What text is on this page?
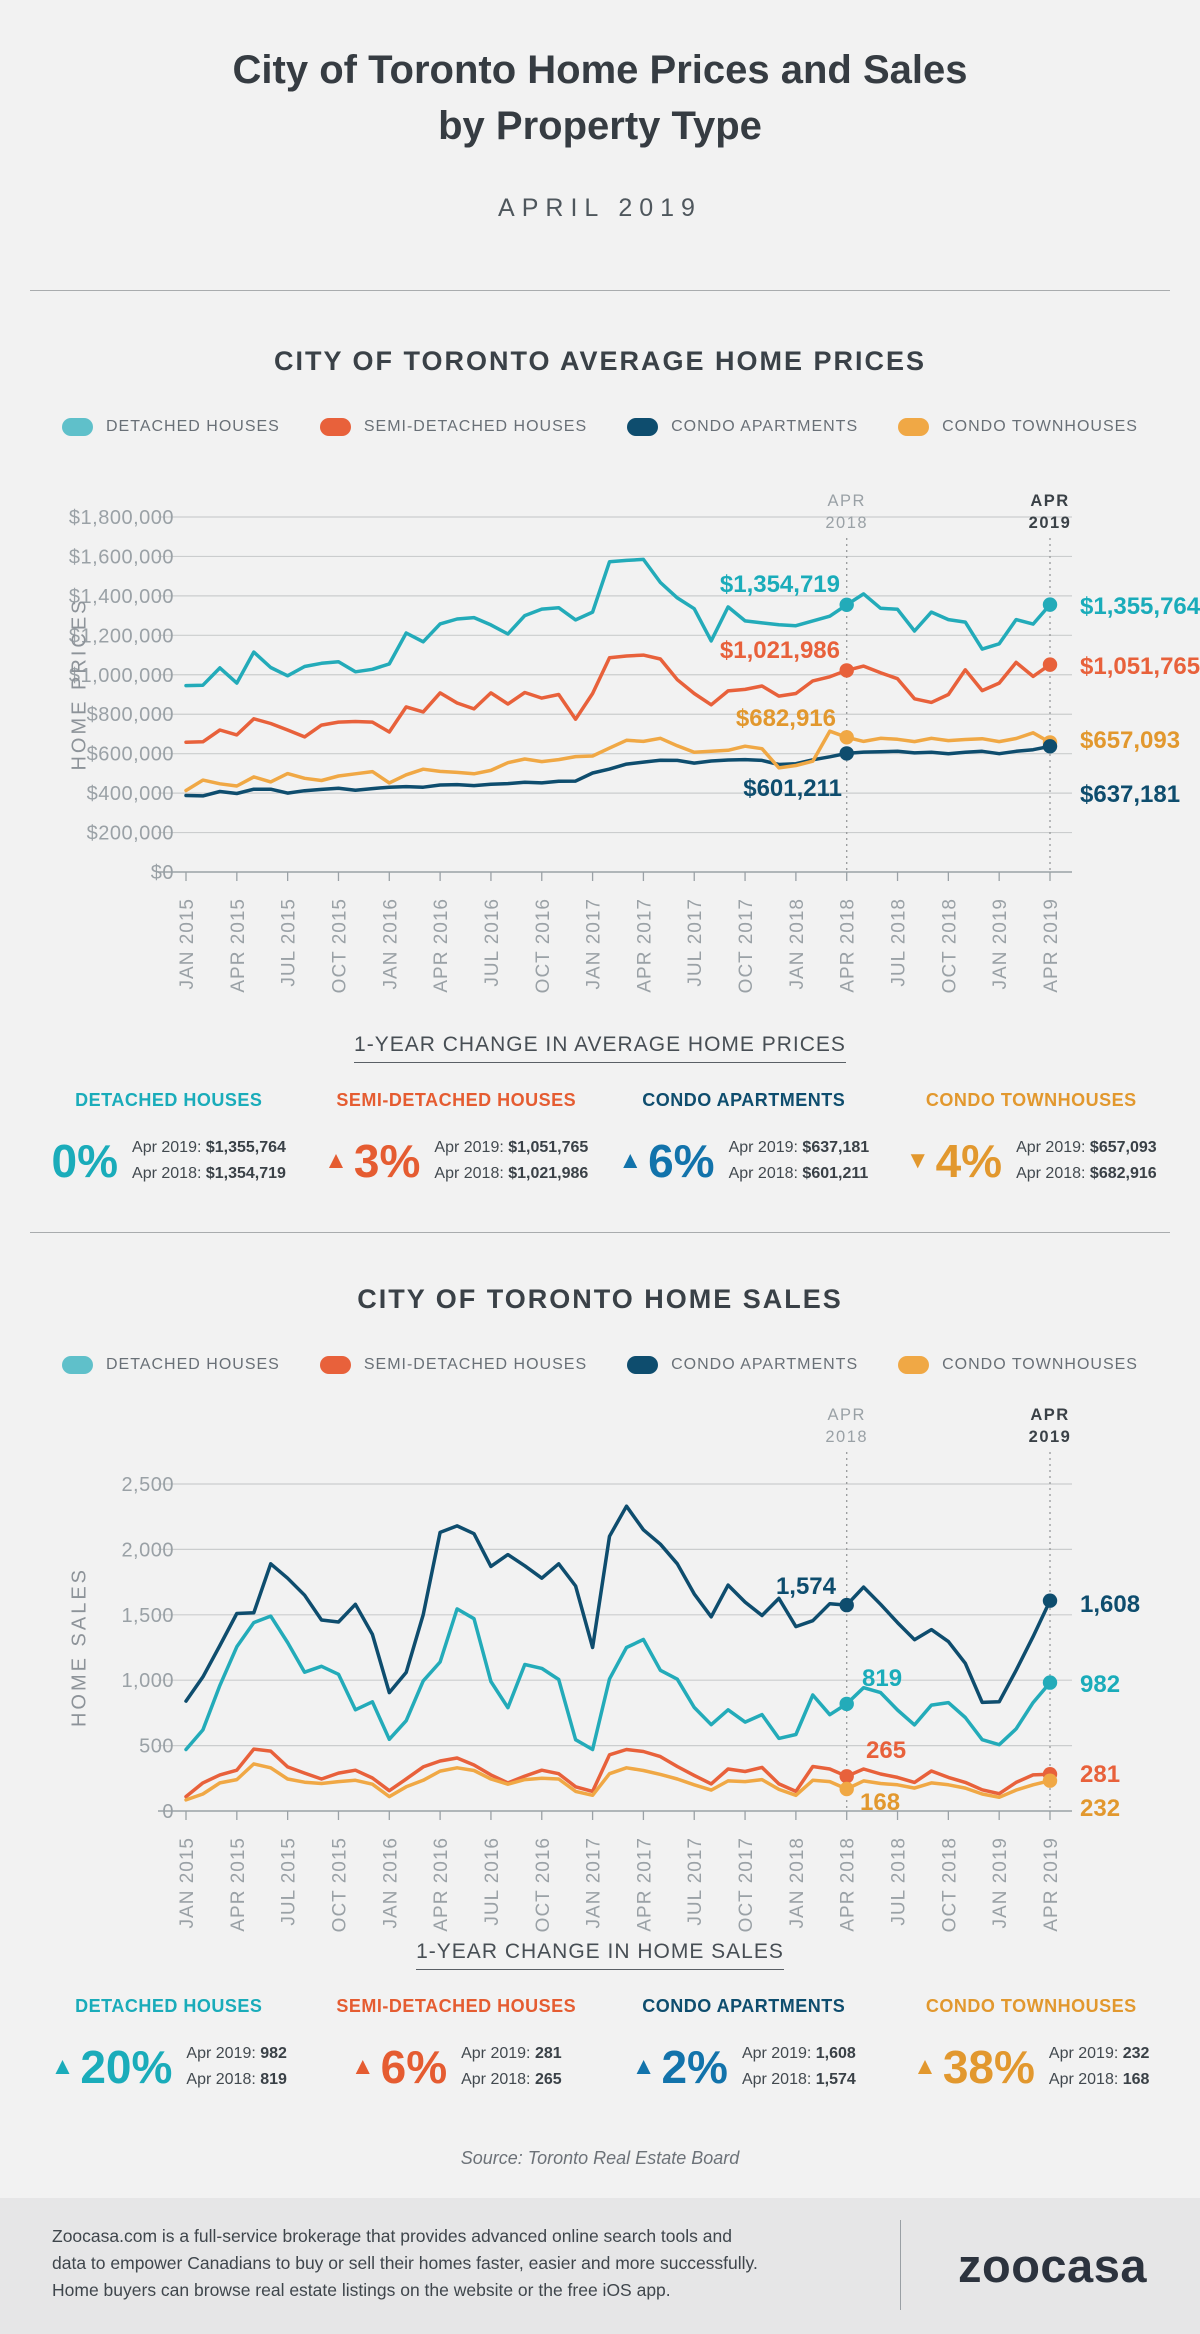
City of Toronto Home Prices and Sales
by Property Type
APRIL 2019
CITY OF TORONTO AVERAGE HOME PRICES
DETACHED HOUSES	SEMI-DETACHED HOUSES	CONDO APARTMENTS	CONDO TOWNHOUSES
$1,800,000
$1,600,000
$1,400,000
$1,200,000
$1,000,000
$800,000
$600,000
$400,000
$200,000
$0
JAN 2015 APR 2015 JUL 2015 OCT 2015 JAN 2016 APR 2016 JUL 2016 OCT 2016 JAN 2017 APR 2017 JUL 2017 OCT 2017 JAN 2018 APR 2018 JUL 2018 OCT 2018 JAN 2019 APR 2019
APR
2018
APR
2019
$1,354,719
$1,021,986
$682,916
$601,211
$1,355,764
$1,051,765
$657,093
$637,181
HOME PRICES
1-YEAR CHANGE IN AVERAGE HOME PRICES
DETACHED HOUSES
0% Apr 2019: $1,355,764
Apr 2018: $1,354,719
SEMI-DETACHED HOUSES
▲ 3% Apr 2019: $1,051,765
Apr 2018: $1,021,986
CONDO APARTMENTS
▲ 6% Apr 2019: $637,181
Apr 2018: $601,211
CONDO TOWNHOUSES
▼ 4% Apr 2019: $657,093
Apr 2018: $682,916
CITY OF TORONTO HOME SALES
DETACHED HOUSES	SEMI-DETACHED HOUSES	CONDO APARTMENTS	CONDO TOWNHOUSES
2,500
2,000
1,500
1,000
500
0
JAN 2015 APR 2015 JUL 2015 OCT 2015 JAN 2016 APR 2016 JUL 2016 OCT 2016 JAN 2017 APR 2017 JUL 2017 OCT 2017 JAN 2018 APR 2018 JUL 2018 OCT 2018 JAN 2019 APR 2019
APR
2018
APR
2019
1,574
819
265
168
1,608
982
281
232
HOME SALES
1-YEAR CHANGE IN HOME SALES
DETACHED HOUSES
▲ 20% Apr 2019: 982
Apr 2018: 819
SEMI-DETACHED HOUSES
▲ 6% Apr 2019: 281
Apr 2018: 265
CONDO APARTMENTS
▲ 2% Apr 2019: 1,608
Apr 2018: 1,574
CONDO TOWNHOUSES
▲ 38% Apr 2019: 232
Apr 2018: 168
Source: Toronto Real Estate Board
Zoocasa.com is a full-service brokerage that provides advanced online search tools and
data to empower Canadians to buy or sell their homes faster, easier and more successfully.
Home buyers can browse real estate listings on the website or the free iOS app.	zoocasa
